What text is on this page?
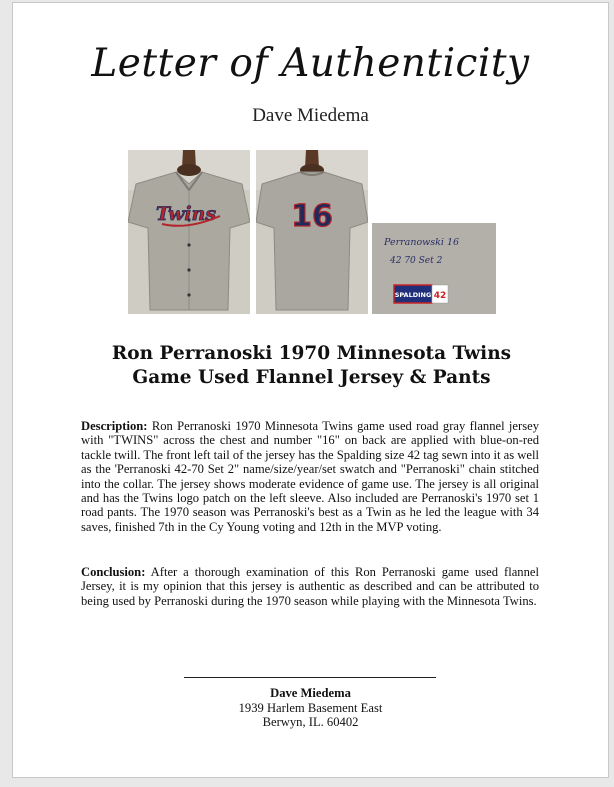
Letter of Authenticity
Dave Miedema
Twins	16
Perranowski 16
42 70 Set 2
SPALDING 42
Ron Perranoski 1970 Minnesota Twins
Game Used Flannel Jersey & Pants
Description: Ron Perranoski 1970 Minnesota Twins game used road gray flannel jersey with "TWINS" across the chest and number "16" on back are applied with blue-on-red tackle twill. The front left tail of the jersey has the Spalding size 42 tag sewn into it as well as the 'Perranoski 42-70 Set 2" name/size/year/set swatch and "Perranoski" chain stitched into the collar. The jersey shows moderate evidence of game use. The jersey is all original and has the Twins logo patch on the left sleeve. Also included are Perranoski's 1970 set 1 road pants. The 1970 season was Perranoski's best as a Twin as he led the league with 34 saves, finished 7th in the Cy Young voting and 12th in the MVP voting.
Conclusion: After a thorough examination of this Ron Perranoski game used flannel Jersey, it is my opinion that this jersey is authentic as described and can be attributed to being used by Perranoski during the 1970 season while playing with the Minnesota Twins.
Dave Miedema
1939 Harlem Basement East
Berwyn, IL. 60402
